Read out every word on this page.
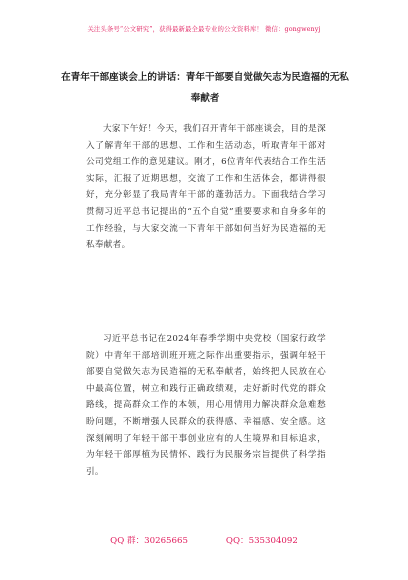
关注头条号“公文研究”，获得最新最全最专业的公文资料库！ 微信：gongwenyj
在青年干部座谈会上的讲话：青年干部要自觉做矢志为民造福的无私奉献者
大家下午好！今天，我们召开青年干部座谈会，目的是深入了解青年干部的思想、工作和生活动态，听取青年干部对公司党组工作的意见建议。刚才，6位青年代表结合工作生活实际，汇报了近期思想，交流了工作和生活体会，都讲得很好，充分彰显了我局青年干部的蓬勃活力。下面我结合学习贯彻习近平总书记提出的“五个自觉”重要要求和自身多年的工作经验，与大家交流一下青年干部如何当好为民造福的无私奉献者。
习近平总书记在2024年春季学期中央党校（国家行政学院）中青年干部培训班开班之际作出重要指示，强调年轻干部要自觉做矢志为民造福的无私奉献者，始终把人民放在心中最高位置，树立和践行正确政绩观，走好新时代党的群众路线，提高群众工作的本领，用心用情用力解决群众急难愁盼问题，不断增强人民群众的获得感、幸福感、安全感。这深刻阐明了年轻干部干事创业应有的人生境界和目标追求，为年轻干部厚植为民情怀、践行为民服务宗旨提供了科学指引。
QQ 群：30265665	QQ：535304092
